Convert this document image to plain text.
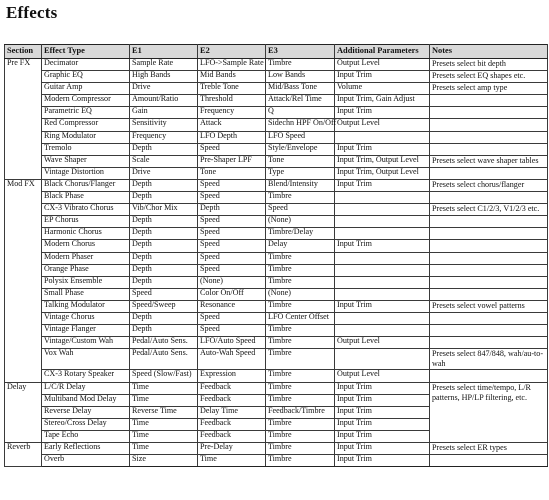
Effects
Section	Effect Type	E1	E2	E3	Additional Parameters	Notes
Pre FX	Decimator	Sample Rate	LFO->Sample Rate	Timbre	Output Level	Presets select bit depth
	Graphic EQ	High Bands	Mid Bands	Low Bands	Input Trim	Presets select EQ shapes etc.
	Guitar Amp	Drive	Treble Tone	Mid/Bass Tone	Volume	Presets select amp type
	Modern Compressor	Amount/Ratio	Threshold	Attack/Rel Time	Input Trim, Gain Adjust	
	Parametric EQ	Gain	Frequency	Q	Input Trim	
	Red Compressor	Sensitivity	Attack	Sidechn HPF On/Off	Output Level	
	Ring Modulator	Frequency	LFO Depth	LFO Speed		
	Tremolo	Depth	Speed	Style/Envelope	Input Trim	
	Wave Shaper	Scale	Pre-Shaper LPF	Tone	Input Trim, Output Level	Presets select wave shaper tables
	Vintage Distortion	Drive	Tone	Type	Input Trim, Output Level	
Mod FX	Black Chorus/Flanger	Depth	Speed	Blend/Intensity	Input Trim	Presets select chorus/flanger
	Black Phase	Depth	Speed	Timbre		
	CX-3 Vibrato Chorus	Vib/Chor Mix	Depth	Speed		Presets select C1/2/3, V1/2/3 etc.
	EP Chorus	Depth	Speed	(None)		
	Harmonic Chorus	Depth	Speed	Timbre/Delay		
	Modern Chorus	Depth	Speed	Delay	Input Trim	
	Modern Phaser	Depth	Speed	Timbre		
	Orange Phase	Depth	Speed	Timbre		
	Polysix Ensemble	Depth	(None)	Timbre		
	Small Phase	Speed	Color On/Off	(None)		
	Talking Modulator	Speed/Sweep	Resonance	Timbre	Input Trim	Presets select vowel patterns
	Vintage Chorus	Depth	Speed	LFO Center Offset		
	Vintage Flanger	Depth	Speed	Timbre		
	Vintage/Custom Wah	Pedal/Auto Sens.	LFO/Auto Speed	Timbre	Output Level	
	Vox Wah	Pedal/Auto Sens.	Auto-Wah Speed	Timbre		Presets select 847/848, wah/au-to-wah
	CX-3 Rotary Speaker	Speed (Slow/Fast)	Expression	Timbre	Output Level	
Delay	L/C/R Delay	Time	Feedback	Timbre	Input Trim	Presets select time/tempo, L/R patterns, HP/LP filtering, etc.
	Multiband Mod Delay	Time	Feedback	Timbre	Input Trim	
	Reverse Delay	Reverse Time	Delay Time	Feedback/Timbre	Input Trim	
	Stereo/Cross Delay	Time	Feedback	Timbre	Input Trim	
	Tape Echo	Time	Feedback	Timbre	Input Trim	
Reverb	Early Reflections	Time	Pre-Delay	Timbre	Input Trim	Presets select ER types
	Overb	Size	Time	Timbre	Input Trim	
